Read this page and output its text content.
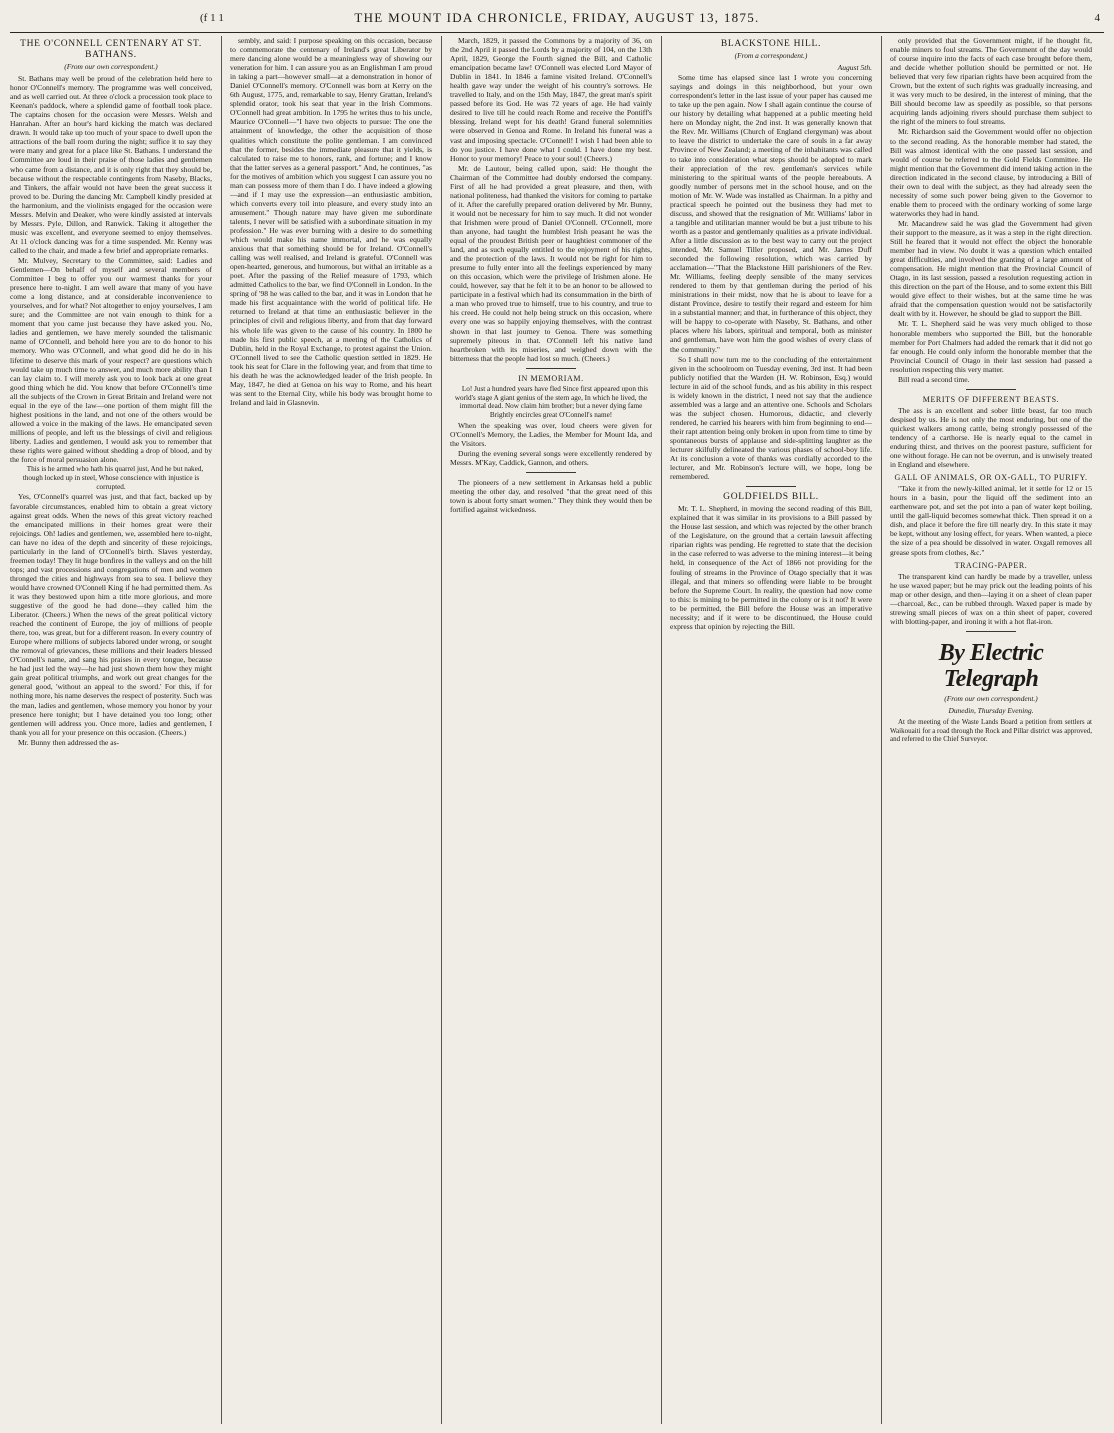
(f 1 1	THE MOUNT IDA CHRONICLE, FRIDAY, AUGUST 13, 1875.	4
THE O'CONNELL CENTENARY AT ST. BATHANS.
(From our own correspondent.)

St. Bathans may well be proud of the celebration held here to honor O'Connell's memory. The programme was well conceived, and as well carried out. At three o'clock a procession took place to Keenan's paddock, where a splendid game of football took place. The captains chosen for the occasion were Messrs. Welsh and Hanrahan. After an hour's hard kicking the match was declared drawn. It would take up too much of your space to dwell upon the attractions of the ball room during the night; suffice it to say they were many and great for a place like St. Bathans. I understand the Committee are loud in their praise of those ladies and gentlemen who came from a distance, and it is only right that they should be, because without the respectable contingents from Naseby, Blacks, and Tinkers, the affair would not have been the great success it proved to be. During the dancing Mr. Campbell kindly presided at the harmonium, and the violinists engaged for the occasion were Messrs. Melvin and Deaker, who were kindly assisted at intervals by Messrs. Pyle, Dillon, and Ranwick. Taking it altogether the music was excellent, and everyone seemed to enjoy themselves. At 11 o'clock dancing was for a time suspended. Mr. Kenny was called to the chair, and made a few brief and appropriate remarks.

Mr. Mulvey, Secretary to the Committee, said: Ladies and Gentlemen—On behalf of myself and several members of Committee I beg to offer you our warmest thanks for your presence here to-night. I am well aware that many of you have come a long distance, and at considerable inconvenience to yourselves, and for what? Not altogether to enjoy yourselves, I am sure; and the Committee are not vain enough to think for a moment that you came just because they have asked you. No, ladies and gentlemen, we have merely sounded the talismanic name of O'Connell, and behold here you are to do honor to his memory. Who was O'Connell, and what good did he do in his lifetime to deserve this mark of your respect? are questions which would take up much time to answer, and much more ability than I can lay claim to. I will merely ask you to look back at one great good thing which he did. You know that before O'Connell's time all the subjects of the Crown in Great Britain and Ireland were not equal in the eye of the law—one portion of them might fill the highest positions in the land, and not one of the others would be allowed a voice in the making of the laws. He emancipated seven millions of people, and left us the blessings of civil and religious liberty. Ladies and gentlemen, I would ask you to remember that these rights were gained without shedding a drop of blood, and by the force of moral persuasion alone.

This is he armed who hath his quarrel just, And he but naked, though locked up in steel, Whose conscience with injustice is corrupted.

Yes, O'Connell's quarrel was just, and that fact, backed up by favorable circumstances, enabled him to obtain a great victory against great odds. When the news of this great victory reached the emancipated millions in their homes great were their rejoicings. Oh! ladies and gentlemen, we, assembled here to-night, can have no idea of the depth and sincerity of these rejoicings, particularly in the land of O'Connell's birth. Slaves yesterday, freemen today! They lit huge bonfires in the valleys and on the hill tops; and vast processions and congregations of men and women thronged the cities and highways from sea to sea. I believe they would have crowned O'Connell King if he had permitted them. As it was they bestowed upon him a title more glorious, and more suggestive of the good he had done—they called him the Liberator. (Cheers.) When the news of the great political victory reached the continent of Europe, the joy of millions of people there, too, was great, but for a different reason. In every country of Europe where millions of subjects labored under wrong, or sought the removal of grievances, these millions and their leaders blessed O'Connell's name, and sang his praises in every tongue, because he had just led the way—he had just shown them how they might gain great political triumphs, and work out great changes for the general good, 'without an appeal to the sword.' For this, if for nothing more, his name deserves the respect of posterity. Such was the man, ladies and gentlemen, whose memory you honor by your presence here tonight; but I have detained you too long; other gentlemen will address you. Once more, ladies and gentlemen, I thank you all for your presence on this occasion. (Cheers.)

Mr. Bunny then addressed the as-

sembly, and said: I purpose speaking on this occasion, because to commemorate the centenary of Ireland's great Liberator by mere dancing alone would be a meaningless way of showing our veneration for him. I can assure you as an Englishman I am proud in taking a part—however small—at a demonstration in honor of Daniel O'Connell's memory. O'Connell was born at Kerry on the 6th August, 1775, and, remarkable to say, Henry Grattan, Ireland's splendid orator, took his seat that year in the Irish Commons. O'Connell had great ambition. In 1795 he writes thus to his uncle, Maurice O'Connell—"I have two objects to pursue: The one the attainment of knowledge, the other the acquisition of those qualities which constitute the polite gentleman. I am convinced that the former, besides the immediate pleasure that it yields, is calculated to raise me to honors, rank, and fortune; and I know that the latter serves as a general passport." And, he continues, "as for the motives of ambition which you suggest I can assure you no man can possess more of them than I do. I have indeed a glowing—and if I may use the expression—an enthusiastic ambition, which converts every toil into pleasure, and every study into an amusement." Though nature may have given me subordinate talents, I never will be satisfied with a subordinate situation in my profession." He was ever burning with a desire to do something which would make his name immortal, and he was equally anxious that that something should be for Ireland. O'Connell's calling was well realised, and Ireland is grateful. O'Connell was open-hearted, generous, and humorous, but withal an irritable as a poet. After the passing of the Relief measure of 1793, which admitted Catholics to the bar, we find O'Connell in London. In the spring of '98 he was called to the bar, and it was in London that he made his first acquaintance with the world of political life. He returned to Ireland at that time an enthusiastic believer in the principles of civil and religious liberty, and from that day forward his whole life was given to the cause of his country. In 1800 he made his first public speech, at a meeting of the Catholics of Dublin, held in the Royal Exchange, to protest against the Union. O'Connell lived to see the Catholic question settled in 1829. He took his seat for Clare in the following year, and from that time to his death he was the acknowledged leader of the Irish people. In May, 1847, he died at Genoa on his way to Rome, and his heart was sent to the Eternal City, while his body was brought home to Ireland and laid in Glasnevin.

March, 1829, it passed the Commons by a majority of 36, on the 2nd April it passed the Lords by a majority of 104, on the 13th April, 1829, George the Fourth signed the Bill, and Catholic emancipation became law! O'Connell was elected Lord Mayor of Dublin in 1841. In 1846 a famine visited Ireland. O'Connell's health gave way under the weight of his country's sorrows. He travelled to Italy, and on the 15th May, 1847, the great man's spirit passed before its God. He was 72 years of age. He had vainly desired to live till he could reach Rome and receive the Pontiff's blessing. Ireland wept for his death! Grand funeral solemnities were observed in Genoa and Rome. In Ireland his funeral was a vast and imposing spectacle. O'Connell! I wish I had been able to do you justice. I have done what I could. I have done my best. Honor to your memory! Peace to your soul! (Cheers.)

Mr. de Lautour, being called upon, said: He thought the Chairman of the Committee had doubly endorsed the company. First of all he had provided a great pleasure, and then, with national politeness, had thanked the visitors for coming to partake of it. After the carefully prepared oration delivered by Mr. Bunny, it would not be necessary for him to say much. It did not wonder that Irishmen were proud of Daniel O'Connell. O'Connell, more than anyone, had taught the humblest Irish peasant he was the equal of the proudest British peer or haughtiest commoner of the land, and as such equally entitled to the enjoyment of his rights, and the protection of the laws. It would not be right for him to presume to fully enter into all the feelings experienced by many on this occasion, which were the privilege of Irishmen alone. He could, however, say that he felt it to be an honor to be allowed to participate in a festival which had its consummation in the birth of a man who proved true to himself, true to his country, and true to his creed. He could not help being struck on this occasion, where every one was so happily enjoying themselves, with the contrast shown in that last journey to Genoa. There was something supremely piteous in that. O'Connell left his native land heartbroken with its miseries, and weighed down with the bitterness that the people had lost so much. (Cheers.)

IN MEMORIAM.

Lo! Just a hundred years have fled Since first appeared upon this world's stage A giant genius of the stern age, In which he lived, the immortal dead. Now claim him brother; but a never dying fame Brightly encircles great O'Connell's name!

When the speaking was over, loud cheers were given for O'Connell's Memory, the Ladies, the Member for Mount Ida, and the Visitors.

During the evening several songs were excellently rendered by Messrs. M'Kay, Caddick, Gannon, and others.

The pioneers of a new settlement in Arkansas held a public meeting the other day, and resolved "that the great need of this town is about forty smart women." They think they would then be fortified against wickedness.

BLACKSTONE HILL.
(From a correspondent.)

August 5th.

Some time has elapsed since last I wrote you concerning sayings and doings in this neighborhood, but your own correspondent's letter in the last issue of your paper has caused me to take up the pen again. Now I shall again continue the course of our history by detailing what happened at a public meeting held here on Monday night, the 2nd inst. It was generally known that the Rev. Mr. Williams (Church of England clergyman) was about to leave the district to undertake the care of souls in a far away Province of New Zealand; a meeting of the inhabitants was called to take into consideration what steps should be adopted to mark their appreciation of the rev. gentleman's services while ministering to the spiritual wants of the people hereabouts. A goodly number of persons met in the school house, and on the motion of Mr. W. Wade was installed as Chairman. In a pithy and practical speech he pointed out the business they had met to discuss, and showed that the resignation of Mr. Williams' labor in a tangible and utilitarian manner would be but a just tribute to his worth as a pastor and gentlemanly qualities as a private individual. After a little discussion as to the best way to carry out the project intended, Mr. Samuel Tiller proposed, and Mr. James Duff seconded the following resolution, which was carried by acclamation—"That the Blackstone Hill parishioners of the Rev. Mr. Williams, feeling deeply sensible of the many services rendered to them by that gentleman during the period of his ministrations in their midst, now that he is about to leave for a distant Province, desire to testify their regard and esteem for him in a substantial manner; and that, in furtherance of this object, they will be happy to co-operate with Naseby, St. Bathans, and other places where his labors, spiritual and temporal, both as minister and gentleman, have won him the good wishes of every class of the community."

So I shall now turn me to the concluding of the entertainment given in the schoolroom on Tuesday evening, 3rd inst. It had been publicly notified that the Warden (H. W. Robinson, Esq.) would lecture in aid of the school funds, and as his ability in this respect is widely known in the district, I need not say that the audience assembled was a large and an attentive one. Schools and Scholars was the subject chosen. Humorous, didactic, and cleverly rendered, he carried his hearers with him from beginning to end—their rapt attention being only broken in upon from time to time by spontaneous bursts of applause and side-splitting laughter as the lecturer skilfully delineated the various phases of school-boy life. At its conclusion a vote of thanks was cordially accorded to the lecturer, and Mr. Robinson's lecture will, we hope, long be remembered.

GOLDFIELDS BILL.

Mr. T. L. Shepherd, in moving the second reading of this Bill, explained that it was similar in its provisions to a Bill passed by the House last session, and which was rejected by the other branch of the Legislature, on the ground that a certain lawsuit affecting riparian rights was pending. He regretted to state that the decision in the case referred to was adverse to the mining interest—it being held, in consequence of the Act of 1866 not providing for the fouling of streams in the Province of Otago specially that it was illegal, and that miners so offending were liable to be brought before the Supreme Court. In reality, the question had now come to this: is mining to be permitted in the colony or is it not? It were to be permitted, the Bill before the House was an imperative necessity; and if it were to be discontinued, the House could express that opinion by rejecting the Bill.

only provided that the Government might, if he thought fit, enable miners to foul streams. The Government of the day would of course inquire into the facts of each case brought before them, and decide whether pollution should be permitted or not. He believed that very few riparian rights have been acquired from the Crown, but the extent of such rights was gradually increasing, and it was very much to be desired, in the interest of mining, that the Bill should become law as speedily as possible, so that persons acquiring lands adjoining rivers should purchase them subject to the right of the miners to foul streams.

Mr. Richardson said the Government would offer no objection to the second reading. As the honorable member had stated, the Bill was almost identical with the one passed last session, and would of course be referred to the Gold Fields Committee. He might mention that the Government did intend taking action in the direction indicated in the second clause, by introducing a Bill of their own to deal with the subject, as they had already seen the necessity of some such power being given to the Governor to enable them to proceed with the ordinary working of some large waterworks they had in hand.

Mr. Macandrew said he was glad the Government had given their support to the measure, as it was a step in the right direction. Still he feared that it would not effect the object the honorable member had in view. No doubt it was a question which entailed great difficulties, and involved the granting of a large amount of compensation. He might mention that the Provincial Council of Otago, in its last session, passed a resolution requesting action in this direction on the part of the House, and to some extent this Bill would give effect to their wishes, but at the same time he was afraid that the compensation question would not be satisfactorily dealt with by it. However, he should be glad to support the Bill.

Mr. T. L. Shepherd said he was very much obliged to those honorable members who supported the Bill, but the honorable member for Port Chalmers had added the remark that it did not go far enough. He could only inform the honorable member that the Provincial Council of Otago in their last session had passed a resolution respecting this very matter.

Bill read a second time.

MERITS OF DIFFERENT BEASTS.

The ass is an excellent and sober little beast, far too much despised by us. He is not only the most enduring, but one of the quickest walkers among cattle, being strongly possessed of the tendency of a carthorse. He is nearly equal to the camel in enduring thirst, and thrives on the poorest pasture, sufficient for one without forage. He can not be overrun, and is unwisely treated in England and elsewhere.

GALL OF ANIMALS, OR OX-GALL, TO PURIFY.

"Take it from the newly-killed animal, let it settle for 12 or 15 hours in a basin, pour the liquid off the sediment into an earthenware pot, and set the pot into a pan of water kept boiling, until the gall-liquid becomes somewhat thick. Then spread it on a dish, and place it before the fire till nearly dry. In this state it may be kept, without any losing effect, for years. When wanted, a piece the size of a pea should be dissolved in water. Oxgall removes all grease spots from clothes, &c."

TRACING-PAPER.

The transparent kind can hardly be made by a traveller, unless he use waxed paper; but he may prick out the leading points of his map or other design, and then—laying it on a sheet of clean paper—charcoal, &c., can be rubbed through. Waxed paper is made by strewing small pieces of wax on a thin sheet of paper, covered with blotting-paper, and ironing it with a hot flat-iron.

By Electric Telegraph
(From our own correspondent.)
Dunedin, Thursday Evening.

At the meeting of the Waste Lands Board a petition from settlers at Waikouaiti for a road through the Rock and Pillar district was approved, and referred to the Chief Surveyor.
